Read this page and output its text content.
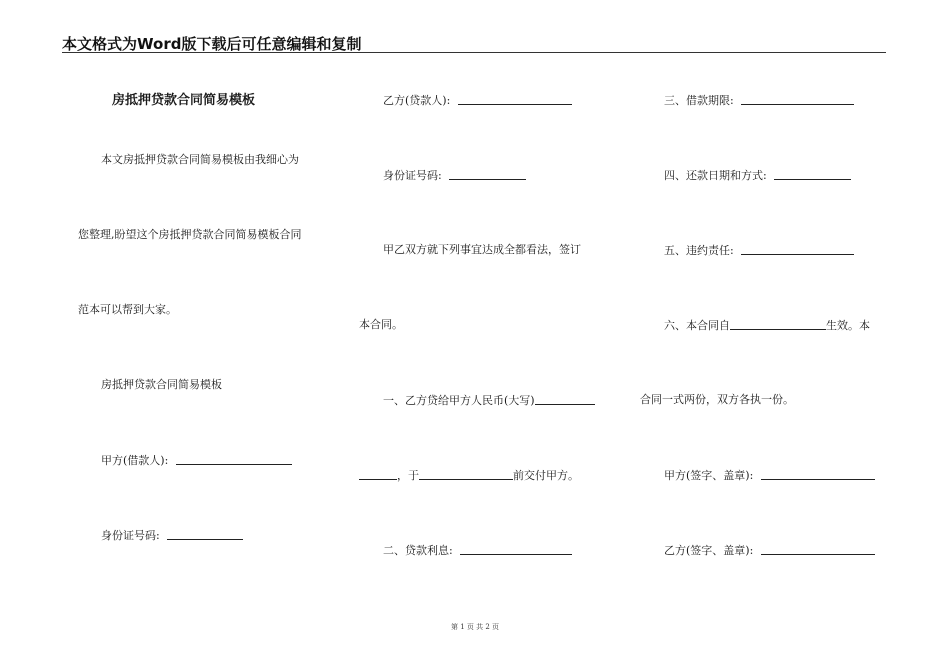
本文格式为Word版下载后可任意编辑和复制
房抵押贷款合同简易模板
本文房抵押贷款合同简易模板由我细心为
您整理,盼望这个房抵押贷款合同简易模板合同
范本可以帮到大家。
房抵押贷款合同简易模板
甲方(借款人):
身份证号码:
乙方(贷款人):
身份证号码:
甲乙双方就下列事宜达成全都看法，签订
本合同。
一、乙方贷给甲方人民币(大写)
，于	前交付甲方。
二、贷款利息:
三、借款期限:
四、还款日期和方式:
五、违约责任:
六、本合同自	生效。本
合同一式两份，双方各执一份。
甲方(签字、盖章):
乙方(签字、盖章):
第 1 页 共 2 页
